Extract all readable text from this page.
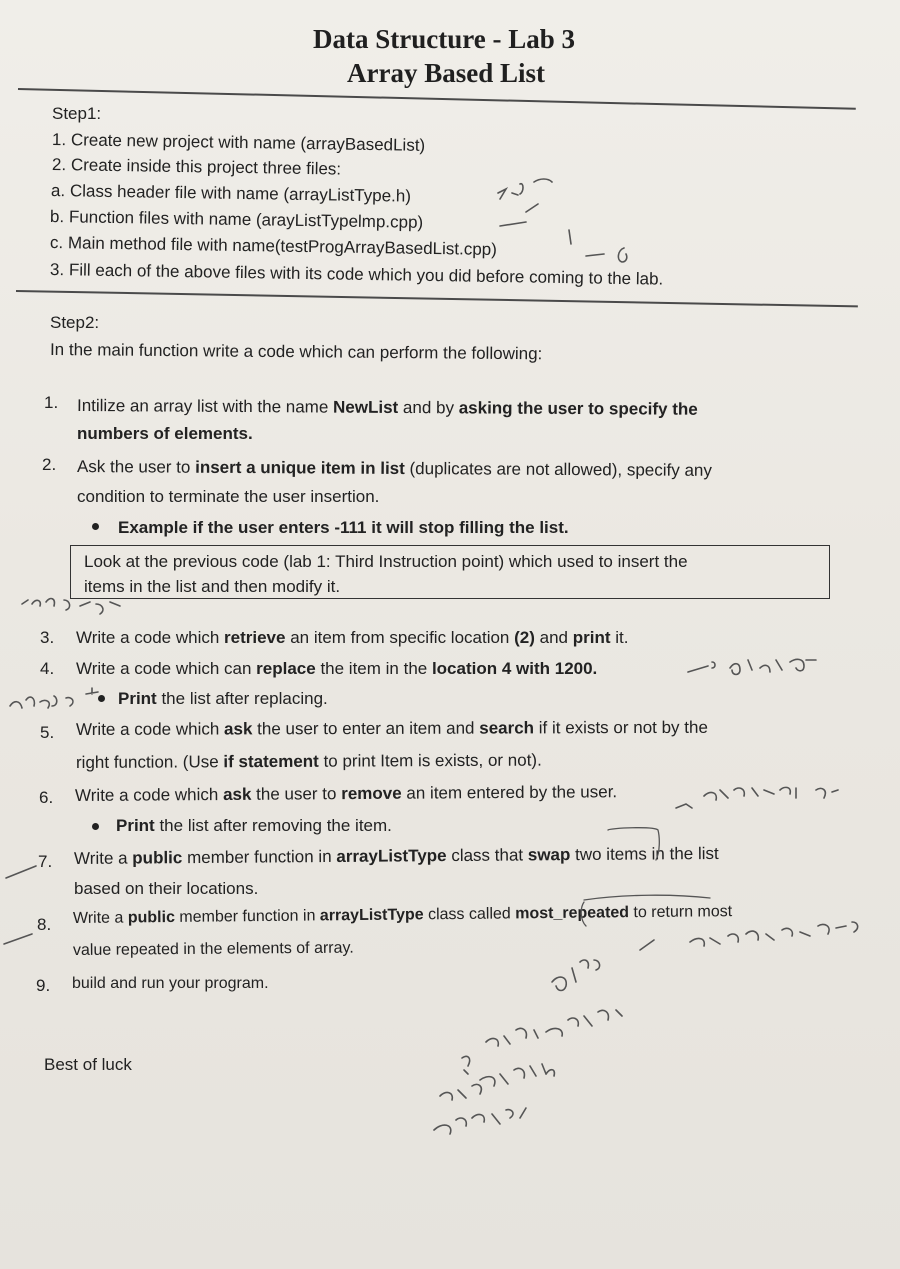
Data Structure - Lab 3
Array Based List
Step1:
1. Create new project with name (arrayBasedList)
2. Create inside this project three files:
a. Class header file with name (arrayListType.h)
b. Function files with name (arayListTypelmp.cpp)
c. Main method file with name(testProgArrayBasedList.cpp)
3. Fill each of the above files with its code which you did before coming to the lab.
Step2:
In the main function write a code which can perform the following:
1. Intilize an array list with the name NewList and by asking the user to specify the
numbers of elements.
2. Ask the user to insert a unique item in list (duplicates are not allowed), specify any
condition to terminate the user insertion.
Example if the user enters -111 it will stop filling the list.
Look at the previous code (lab 1: Third Instruction point) which used to insert the
items in the list and then modify it.
3. Write a code which retrieve an item from specific location (2) and print it.
4. Write a code which can replace the item in the location 4 with 1200.
Print the list after replacing.
5. Write a code which ask the user to enter an item and search if it exists or not by the
right function. (Use if statement to print Item is exists, or not).
6. Write a code which ask the user to remove an item entered by the user.
Print the list after removing the item.
7. Write a public member function in arrayListType class that swap two items in the list
based on their locations.
8. Write a public member function in arrayListType class called most_repeated to return most
value repeated in the elements of array.
9. build and run your program.
Best of luck
